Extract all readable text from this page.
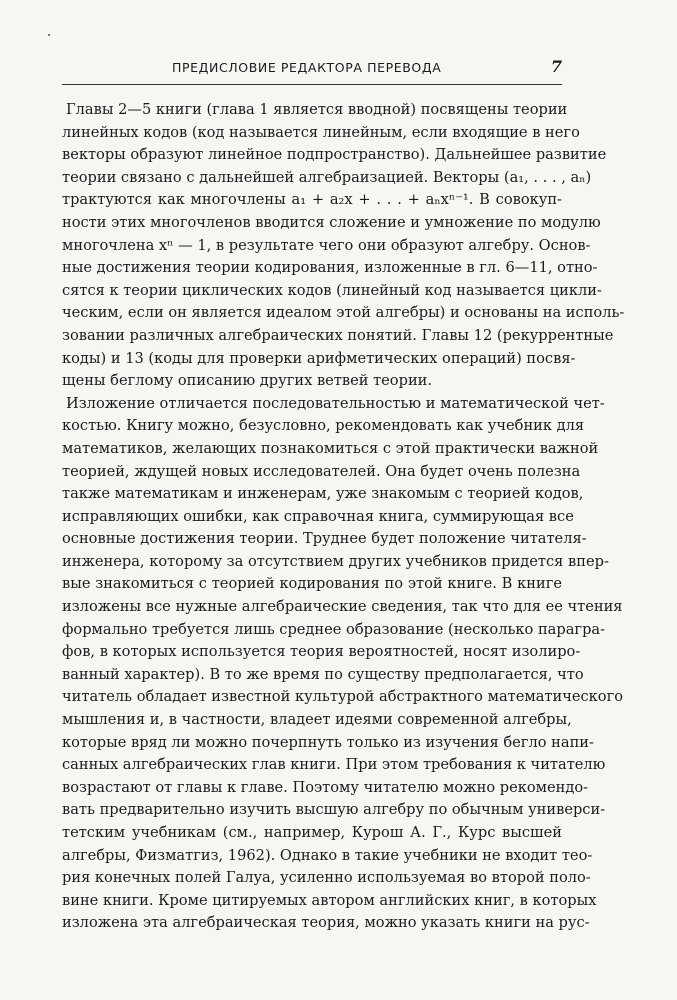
ПРЕДИСЛОВИЕ РЕДАКТОРА ПЕРЕВОДА	7
Главы 2—5 книги (глава 1 является вводной) посвящены теории
линейных кодов (код называется линейным, если входящие в него
векторы образуют линейное подпространство). Дальнейшее развитие
теории связано с дальнейшей алгебраизацией. Векторы (a₁, . . . , aₙ)
трактуются как многочлены a₁ + a₂x + . . . + aₙxⁿ⁻¹. В совокуп-
ности этих многочленов вводится сложение и умножение по модулю
многочлена xⁿ — 1, в результате чего они образуют алгебру. Основ-
ные достижения теории кодирования, изложенные в гл. 6—11, отно-
сятся к теории циклических кодов (линейный код называется цикли-
ческим, если он является идеалом этой алгебры) и основаны на исполь-
зовании различных алгебраических понятий. Главы 12 (рекуррентные
коды) и 13 (коды для проверки арифметических операций) посвя-
щены беглому описанию других ветвей теории.
Изложение отличается последовательностью и математической чет-
костью. Книгу можно, безусловно, рекомендовать как учебник для
математиков, желающих познакомиться с этой практически важной
теорией, ждущей новых исследователей. Она будет очень полезна
также математикам и инженерам, уже знакомым с теорией кодов,
исправляющих ошибки, как справочная книга, суммирующая все
основные достижения теории. Труднее будет положение читателя-
инженера, которому за отсутствием других учебников придется впер-
вые знакомиться с теорией кодирования по этой книге. В книге
изложены все нужные алгебраические сведения, так что для ее чтения
формально требуется лишь среднее образование (несколько парагра-
фов, в которых используется теория вероятностей, носят изолиро-
ванный характер). В то же время по существу предполагается, что
читатель обладает известной культурой абстрактного математического
мышления и, в частности, владеет идеями современной алгебры,
которые вряд ли можно почерпнуть только из изучения бегло напи-
санных алгебраических глав книги. При этом требования к читателю
возрастают от главы к главе. Поэтому читателю можно рекомендо-
вать предварительно изучить высшую алгебру по обычным универси-
тетским учебникам (см., например, Курош А. Г., Курс высшей
алгебры, Физматгиз, 1962). Однако в такие учебники не входит тео-
рия конечных полей Галуа, усиленно используемая во второй поло-
вине книги. Кроме цитируемых автором английских книг, в которых
изложена эта алгебраическая теория, можно указать книги на рус-
